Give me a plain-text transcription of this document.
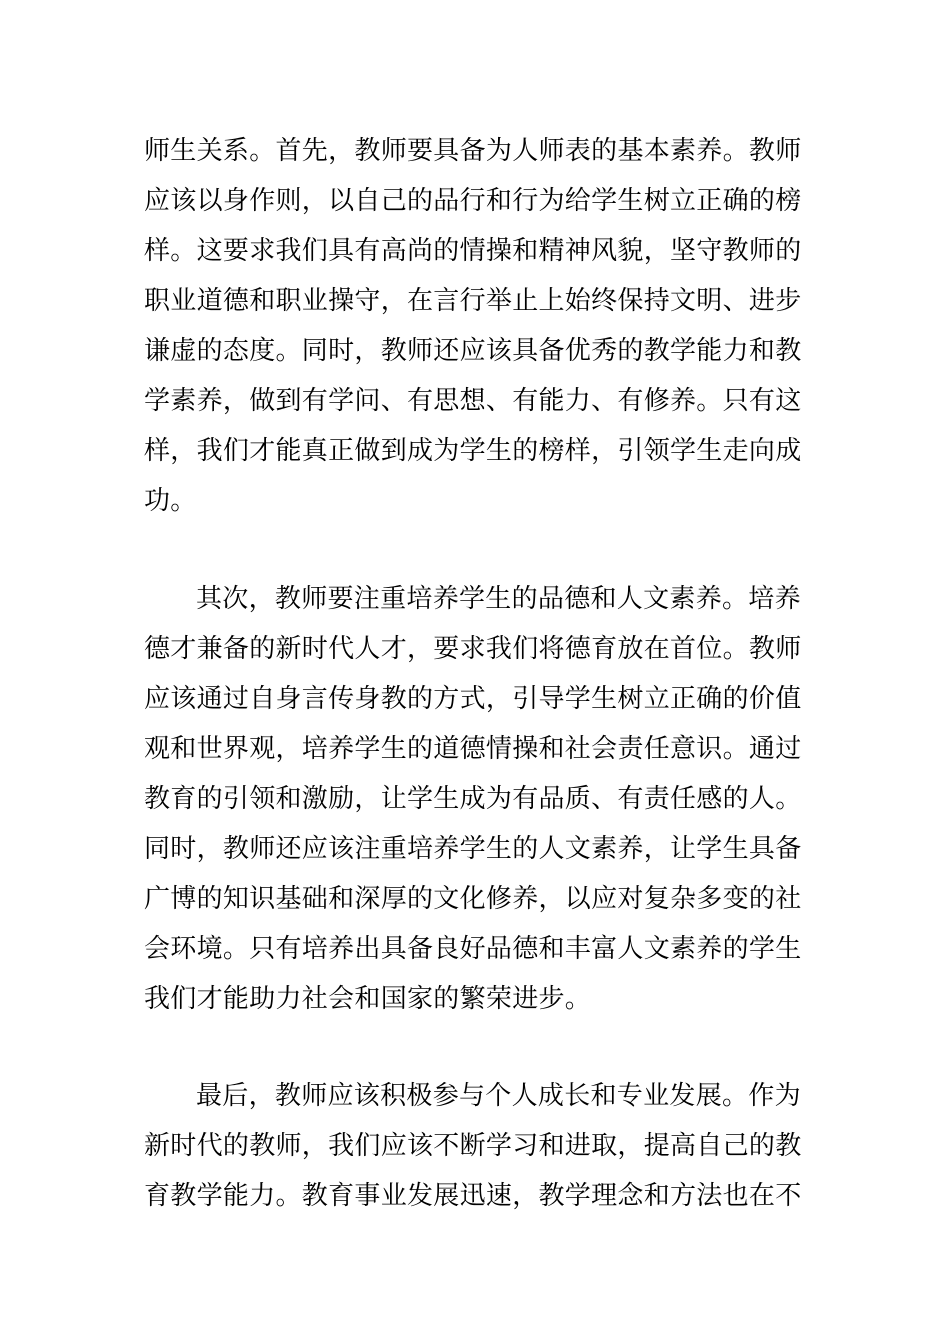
师生关系。首先，教师要具备为人师表的基本素养。教师
应该以身作则，以自己的品行和行为给学生树立正确的榜
样。这要求我们具有高尚的情操和精神风貌，坚守教师的
职业道德和职业操守，在言行举止上始终保持文明、进步
谦虚的态度。同时，教师还应该具备优秀的教学能力和教
学素养，做到有学问、有思想、有能力、有修养。只有这
样，我们才能真正做到成为学生的榜样，引领学生走向成
功。

其次，教师要注重培养学生的品德和人文素养。培养
德才兼备的新时代人才，要求我们将德育放在首位。教师
应该通过自身言传身教的方式，引导学生树立正确的价值
观和世界观，培养学生的道德情操和社会责任意识。通过
教育的引领和激励，让学生成为有品质、有责任感的人。
同时，教师还应该注重培养学生的人文素养，让学生具备
广博的知识基础和深厚的文化修养，以应对复杂多变的社
会环境。只有培养出具备良好品德和丰富人文素养的学生
我们才能助力社会和国家的繁荣进步。

最后，教师应该积极参与个人成长和专业发展。作为
新时代的教师，我们应该不断学习和进取，提高自己的教
育教学能力。教育事业发展迅速，教学理念和方法也在不
